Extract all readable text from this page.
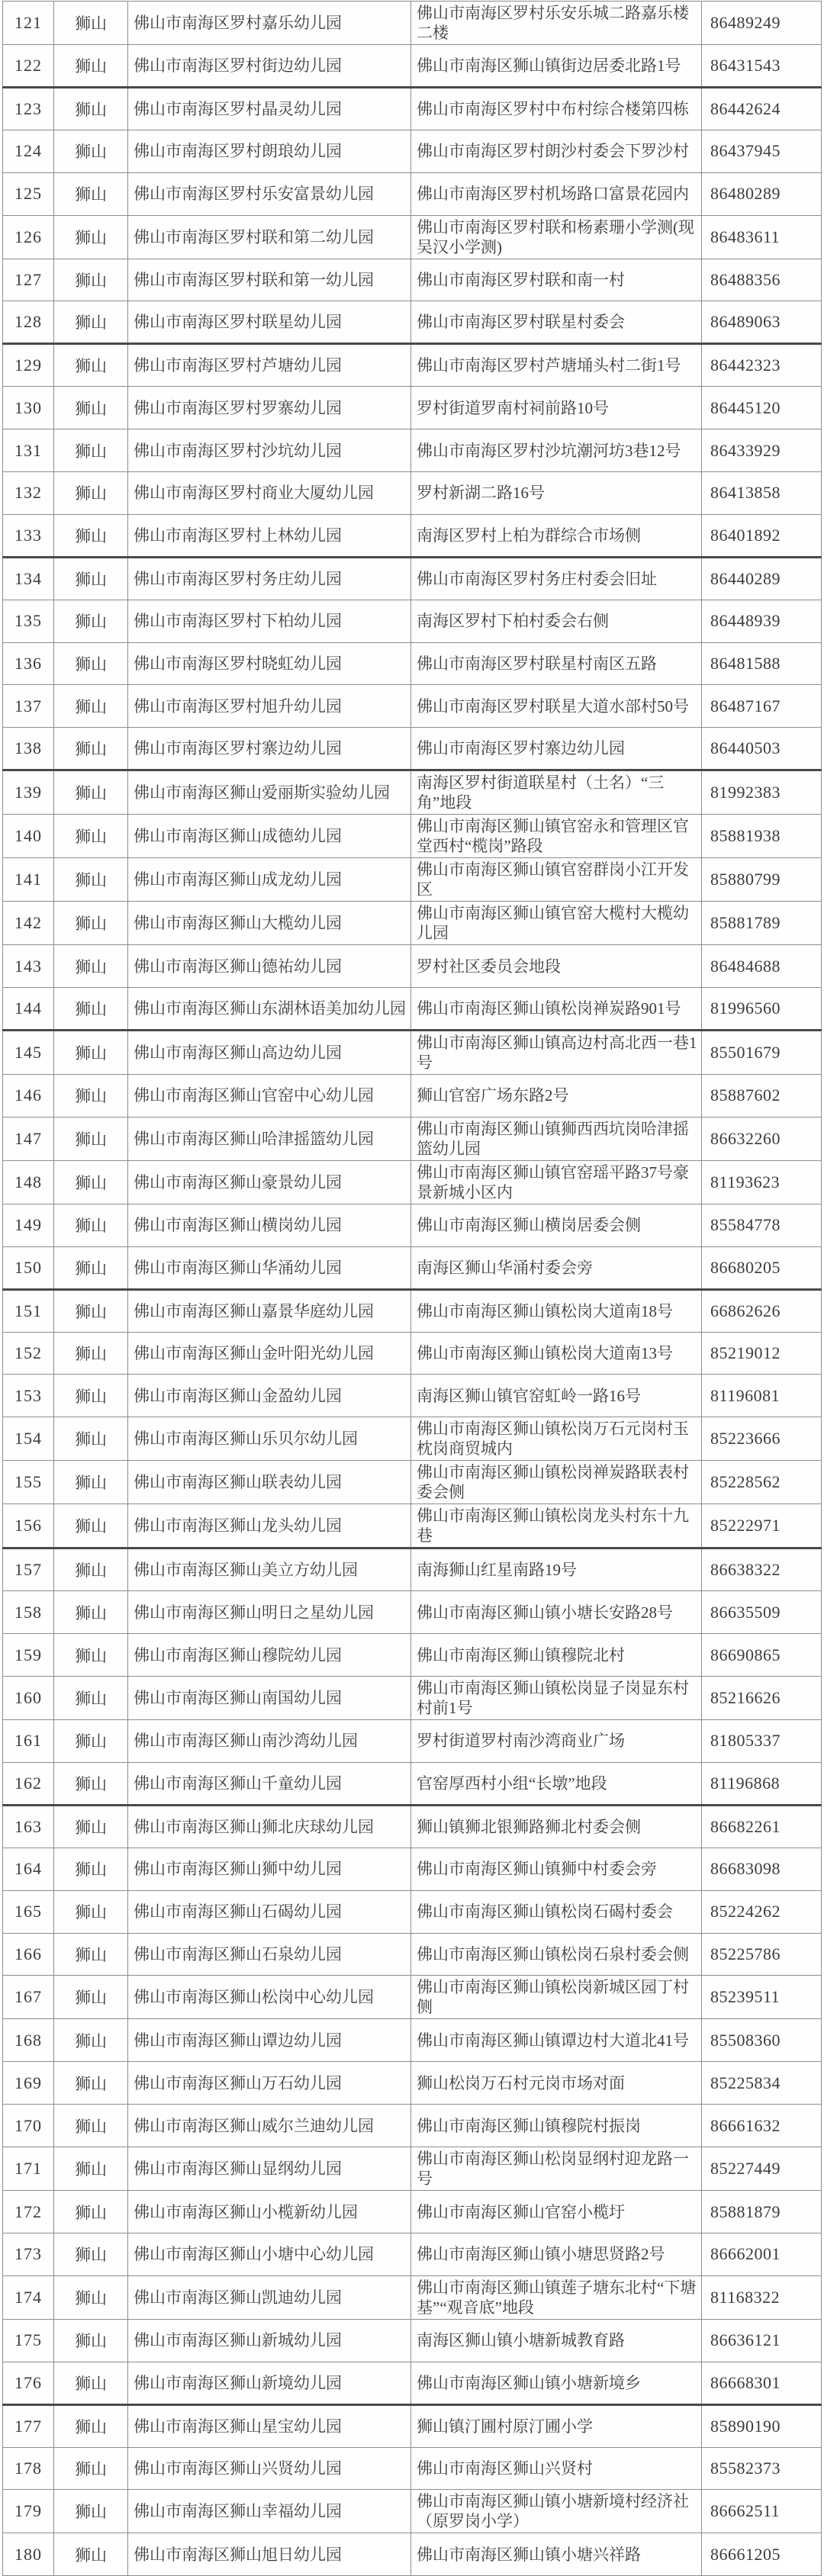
121	狮山	佛山市南海区罗村嘉乐幼儿园	佛山市南海区罗村乐安乐城二路嘉乐楼二楼	86489249
122	狮山	佛山市南海区罗村街边幼儿园	佛山市南海区狮山镇街边居委北路1号	86431543
123	狮山	佛山市南海区罗村晶灵幼儿园	佛山市南海区罗村中布村综合楼第四栋	86442624
124	狮山	佛山市南海区罗村朗琅幼儿园	佛山市南海区罗村朗沙村委会下罗沙村	86437945
125	狮山	佛山市南海区罗村乐安富景幼儿园	佛山市南海区罗村机场路口富景花园内	86480289
126	狮山	佛山市南海区罗村联和第二幼儿园	佛山市南海区罗村联和杨素珊小学测(现吴汉小学测)	86483611
127	狮山	佛山市南海区罗村联和第一幼儿园	佛山市南海区罗村联和南一村	86488356
128	狮山	佛山市南海区罗村联星幼儿园	佛山市南海区罗村联星村委会	86489063
129	狮山	佛山市南海区罗村芦塘幼儿园	佛山市南海区罗村芦塘埇头村二街1号	86442323
130	狮山	佛山市南海区罗村罗寨幼儿园	罗村街道罗南村祠前路10号	86445120
131	狮山	佛山市南海区罗村沙坑幼儿园	佛山市南海区罗村沙坑潮河坊3巷12号	86433929
132	狮山	佛山市南海区罗村商业大厦幼儿园	罗村新湖二路16号	86413858
133	狮山	佛山市南海区罗村上林幼儿园	南海区罗村上柏为群综合市场侧	86401892
134	狮山	佛山市南海区罗村务庄幼儿园	佛山市南海区罗村务庄村委会旧址	86440289
135	狮山	佛山市南海区罗村下柏幼儿园	南海区罗村下柏村委会右侧	86448939
136	狮山	佛山市南海区罗村晓虹幼儿园	佛山市南海区罗村联星村南区五路	86481588
137	狮山	佛山市南海区罗村旭升幼儿园	佛山市南海区罗村联星大道水部村50号	86487167
138	狮山	佛山市南海区罗村寨边幼儿园	佛山市南海区罗村寨边幼儿园	86440503
139	狮山	佛山市南海区狮山爱丽斯实验幼儿园	南海区罗村街道联星村（土名）“三角”地段	81992383
140	狮山	佛山市南海区狮山成德幼儿园	佛山市南海区狮山镇官窑永和管理区官堂西村“榄岗”路段	85881938
141	狮山	佛山市南海区狮山成龙幼儿园	佛山市南海区狮山镇官窑群岗小江开发区	85880799
142	狮山	佛山市南海区狮山大榄幼儿园	佛山市南海区狮山镇官窑大榄村大榄幼儿园	85881789
143	狮山	佛山市南海区狮山德祐幼儿园	罗村社区委员会地段	86484688
144	狮山	佛山市南海区狮山东湖林语美加幼儿园	佛山市南海区狮山镇松岗禅炭路901号	81996560
145	狮山	佛山市南海区狮山高边幼儿园	佛山市南海区狮山镇高边村高北西一巷1号	85501679
146	狮山	佛山市南海区狮山官窑中心幼儿园	狮山官窑广场东路2号	85887602
147	狮山	佛山市南海区狮山哈津摇篮幼儿园	佛山市南海区狮山镇狮西西坑岗哈津摇篮幼儿园	86632260
148	狮山	佛山市南海区狮山豪景幼儿园	佛山市南海区狮山镇官窑瑶平路37号豪景新城小区内	81193623
149	狮山	佛山市南海区狮山横岗幼儿园	佛山市南海区狮山横岗居委会侧	85584778
150	狮山	佛山市南海区狮山华涌幼儿园	南海区狮山华涌村委会旁	86680205
151	狮山	佛山市南海区狮山嘉景华庭幼儿园	佛山市南海区狮山镇松岗大道南18号	66862626
152	狮山	佛山市南海区狮山金叶阳光幼儿园	佛山市南海区狮山镇松岗大道南13号	85219012
153	狮山	佛山市南海区狮山金盈幼儿园	南海区狮山镇官窑虹岭一路16号	81196081
154	狮山	佛山市南海区狮山乐贝尔幼儿园	佛山市南海区狮山镇松岗万石元岗村玉枕岗商贸城内	85223666
155	狮山	佛山市南海区狮山联表幼儿园	佛山市南海区狮山镇松岗禅炭路联表村委会侧	85228562
156	狮山	佛山市南海区狮山龙头幼儿园	佛山市南海区狮山镇松岗龙头村东十九巷	85222971
157	狮山	佛山市南海区狮山美立方幼儿园	南海狮山红星南路19号	86638322
158	狮山	佛山市南海区狮山明日之星幼儿园	佛山市南海区狮山镇小塘长安路28号	86635509
159	狮山	佛山市南海区狮山穆院幼儿园	佛山市南海区狮山镇穆院北村	86690865
160	狮山	佛山市南海区狮山南国幼儿园	佛山市南海区狮山镇松岗显子岗显东村村前1号	85216626
161	狮山	佛山市南海区狮山南沙湾幼儿园	罗村街道罗村南沙湾商业广场	81805337
162	狮山	佛山市南海区狮山千童幼儿园	官窑厚西村小组“长墩”地段	81196868
163	狮山	佛山市南海区狮山狮北庆球幼儿园	狮山镇狮北银狮路狮北村委会侧	86682261
164	狮山	佛山市南海区狮山狮中幼儿园	佛山市南海区狮山镇狮中村委会旁	86683098
165	狮山	佛山市南海区狮山石碣幼儿园	佛山市南海区狮山镇松岗石碣村委会	85224262
166	狮山	佛山市南海区狮山石泉幼儿园	佛山市南海区狮山镇松岗石泉村委会侧	85225786
167	狮山	佛山市南海区狮山松岗中心幼儿园	佛山市南海区狮山镇松岗新城区园丁村侧	85239511
168	狮山	佛山市南海区狮山谭边幼儿园	佛山市南海区狮山镇谭边村大道北41号	85508360
169	狮山	佛山市南海区狮山万石幼儿园	狮山松岗万石村元岗市场对面	85225834
170	狮山	佛山市南海区狮山威尔兰迪幼儿园	佛山市南海区狮山镇穆院村振岗	86661632
171	狮山	佛山市南海区狮山显纲幼儿园	佛山市南海区狮山松岗显纲村迎龙路一号	85227449
172	狮山	佛山市南海区狮山小榄新幼儿园	佛山市南海区狮山官窑小榄圩	85881879
173	狮山	佛山市南海区狮山小塘中心幼儿园	佛山市南海区狮山镇小塘思贤路2号	86662001
174	狮山	佛山市南海区狮山凯迪幼儿园	佛山市南海区狮山镇莲子塘东北村“下塘基”“观音底”地段	81168322
175	狮山	佛山市南海区狮山新城幼儿园	南海区狮山镇小塘新城教育路	86636121
176	狮山	佛山市南海区狮山新境幼儿园	佛山市南海区狮山镇小塘新境乡	86668301
177	狮山	佛山市南海区狮山星宝幼儿园	狮山镇汀圃村原汀圃小学	85890190
178	狮山	佛山市南海区狮山兴贤幼儿园	佛山市南海区狮山兴贤村	85582373
179	狮山	佛山市南海区狮山幸福幼儿园	佛山市南海区狮山镇小塘新境村经济社（原罗岗小学）	86662511
180	狮山	佛山市南海区狮山旭日幼儿园	佛山市南海区狮山镇小塘兴祥路	86661205
